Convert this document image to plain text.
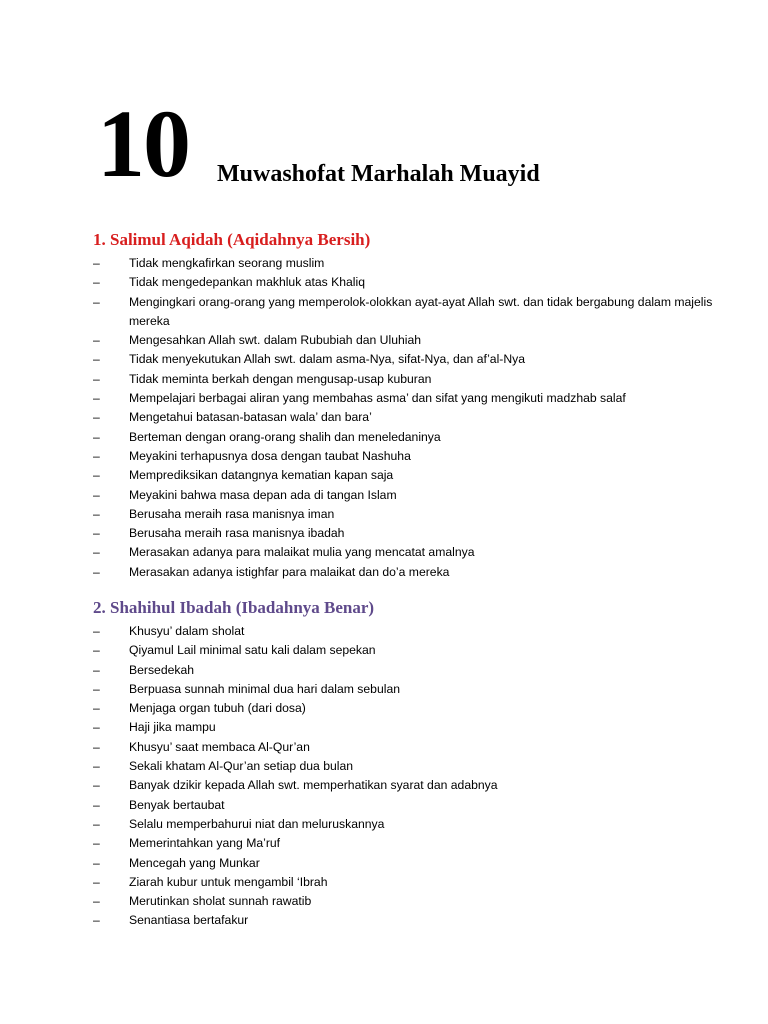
10 Muwashofat Marhalah Muayid
1. Salimul Aqidah (Aqidahnya Bersih)
–	Tidak mengkafirkan seorang muslim
–	Tidak mengedepankan makhluk atas Khaliq
–	Mengingkari orang-orang yang memperolok-olokkan ayat-ayat Allah swt. dan tidak bergabung dalam majelis mereka
–	Mengesahkan Allah swt. dalam Rububiah dan Uluhiah
–	Tidak menyekutukan Allah swt. dalam asma-Nya, sifat-Nya, dan af’al-Nya
–	Tidak meminta berkah dengan mengusap-usap kuburan
–	Mempelajari berbagai aliran yang membahas asma’ dan sifat yang mengikuti madzhab salaf
–	Mengetahui batasan-batasan wala’ dan bara’
–	Berteman dengan orang-orang shalih dan meneledaninya
–	Meyakini terhapusnya dosa dengan taubat Nashuha
–	Memprediksikan datangnya kematian kapan saja
–	Meyakini bahwa masa depan ada di tangan Islam
–	Berusaha meraih rasa manisnya iman
–	Berusaha meraih rasa manisnya ibadah
–	Merasakan adanya para malaikat mulia yang mencatat amalnya
–	Merasakan adanya istighfar para malaikat dan do’a mereka
2. Shahihul Ibadah (Ibadahnya Benar)
–	Khusyu’ dalam sholat
–	Qiyamul Lail minimal satu kali dalam sepekan
–	Bersedekah
–	Berpuasa sunnah minimal dua hari dalam sebulan
–	Menjaga organ tubuh (dari dosa)
–	Haji jika mampu
–	Khusyu’ saat membaca Al-Qur’an
–	Sekali khatam Al-Qur’an setiap dua bulan
–	Banyak dzikir kepada Allah swt. memperhatikan syarat dan adabnya
–	Benyak bertaubat
–	Selalu memperbahurui niat dan meluruskannya
–	Memerintahkan yang Ma’ruf
–	Mencegah yang Munkar
–	Ziarah kubur untuk mengambil ‘Ibrah
–	Merutinkan sholat sunnah rawatib
–	Senantiasa bertafakur
